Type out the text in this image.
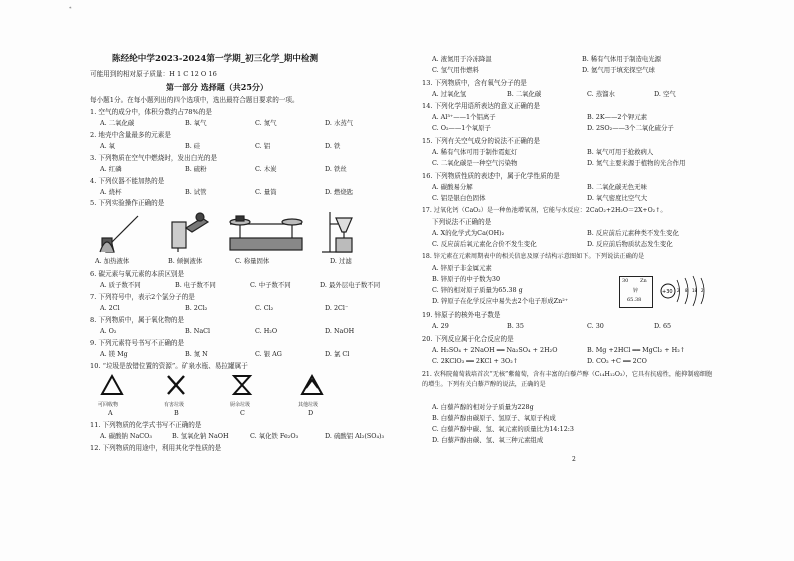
*
陈经纶中学2023-2024第一学期_初三化学_期中检测
可能用到的相对原子质量：H 1 C 12 O 16
第一部分 选择题（共25分）
每小题1分。在每小题列出的四个选项中，选出最符合题目要求的一项。
1. 空气的成分中，体积分数约占78%的是
A. 二氧化碳	B. 氧气	C. 氮气	D. 水蒸气
2. 地壳中含量最多的元素是
A. 氧	B. 硅	C. 铝	D. 铁
3. 下列物质在空气中燃烧时，发出白光的是
A. 红磷	B. 硫粉	C. 木炭	D. 铁丝
4. 下列仪器不能加热的是
A. 烧杯	B. 试管	C. 量筒	D. 燃烧匙
5. 下列实验操作正确的是
A. 加热液体	B. 倾倒液体	C. 称量固体	D. 过滤
6. 碳元素与氧元素的本质区别是
A. 质子数不同	B. 电子数不同	C. 中子数不同	D. 最外层电子数不同
7. 下列符号中，表示2个氯分子的是
A. 2Cl	B. 2Cl₂	C. Cl₂	D. 2Cl⁻
8. 下列物质中，属于氧化物的是
A. O₂	B. NaCl	C. H₂O	D. NaOH
9. 下列元素符号书写不正确的是
A. 镁 Mg	B. 氮 N	C. 银 AG	D. 氯 Cl
10. “垃圾是放错位置的资源”。矿泉水瓶、易拉罐属于
可回收物	有害垃圾	厨余垃圾	其他垃圾
A	B	C	D
11. 下列物质的化学式书写不正确的是
A. 碳酸钠 NaCO₃	B. 氢氧化钠 NaOH	C. 氧化铁 Fe₂O₃	D. 硫酸铝 Al₂(SO₄)₃
12. 下列物质的用途中，利用其化学性质的是
A. 液氮用于冷冻降温	B. 稀有气体用于制造电光源
C. 氢气用作燃料	D. 氦气用于填充探空气球
13. 下列物质中，含有氧气分子的是
A. 过氧化氢	B. 二氧化碳	C. 蒸馏水	D. 空气
14. 下列化学用语所表达的意义正确的是
A. Al³⁺——1个铝离子	B. 2K——2个钾元素
C. O₂——1个氧原子	D. 2SO₂——3个二氧化硫分子
15. 下列有关空气成分的说法不正确的是
A. 稀有气体可用于制作霓虹灯	B. 氧气可用于抢救病人
C. 二氧化碳是一种空气污染物	D. 氮气主要来源于植物的光合作用
16. 下列物质性质的表述中，属于化学性质的是
A. 碳酸易分解	B. 二氧化碳无色无味
C. 铝是银白色固体	D. 氧气密度比空气大
17. 过氧化钙（CaO₂）是一种鱼池增氧剂，它能与水反应：2CaO₂+2H₂O＝2X+O₂↑。
下列说法不正确的是
A. X的化学式为Ca(OH)₂	B. 反应前后元素种类不发生变化
C. 反应前后氧元素化合价不发生变化	D. 反应前后物质状态发生变化
18. 锌元素在元素周期表中的相关信息及原子结构示意图如下。下列说法正确的是
A. 锌原子非金属元素
B. 锌原子的中子数为30
C. 锌的相对原子质量为65.38 g
D. 锌原子在化学反应中易失去2个电子形成Zn²⁺
30 Zn
锌
65.38
+30 2 8 18 2
19. 锌原子的核外电子数是
A. 29	B. 35	C. 30	D. 65
20. 下列反应属于化合反应的是
A. H₂SO₄ + 2NaOH ══ Na₂SO₄ + 2H₂O	B. Mg +2HCl ══ MgCl₂ + H₂↑
C. 2KClO₃ ══ 2KCl + 3O₂↑	D. CO₂ +C ══ 2CO
21. 农科院葡萄栽培首次“无核”紫葡萄，含有丰富的白藜芦醇（C₁₄H₁₂O₃），它具有抗癌性，能抑制癌细胞的增生。下列有关白藜芦醇的说法，正确的是
A. 白藜芦醇的相对分子质量为228g
B. 白藜芦醇由碳原子、氢原子、氧原子构成
C. 白藜芦醇中碳、氢、氧元素的质量比为14:12:3
D. 白藜芦醇由碳、氢、氧三种元素组成
2
